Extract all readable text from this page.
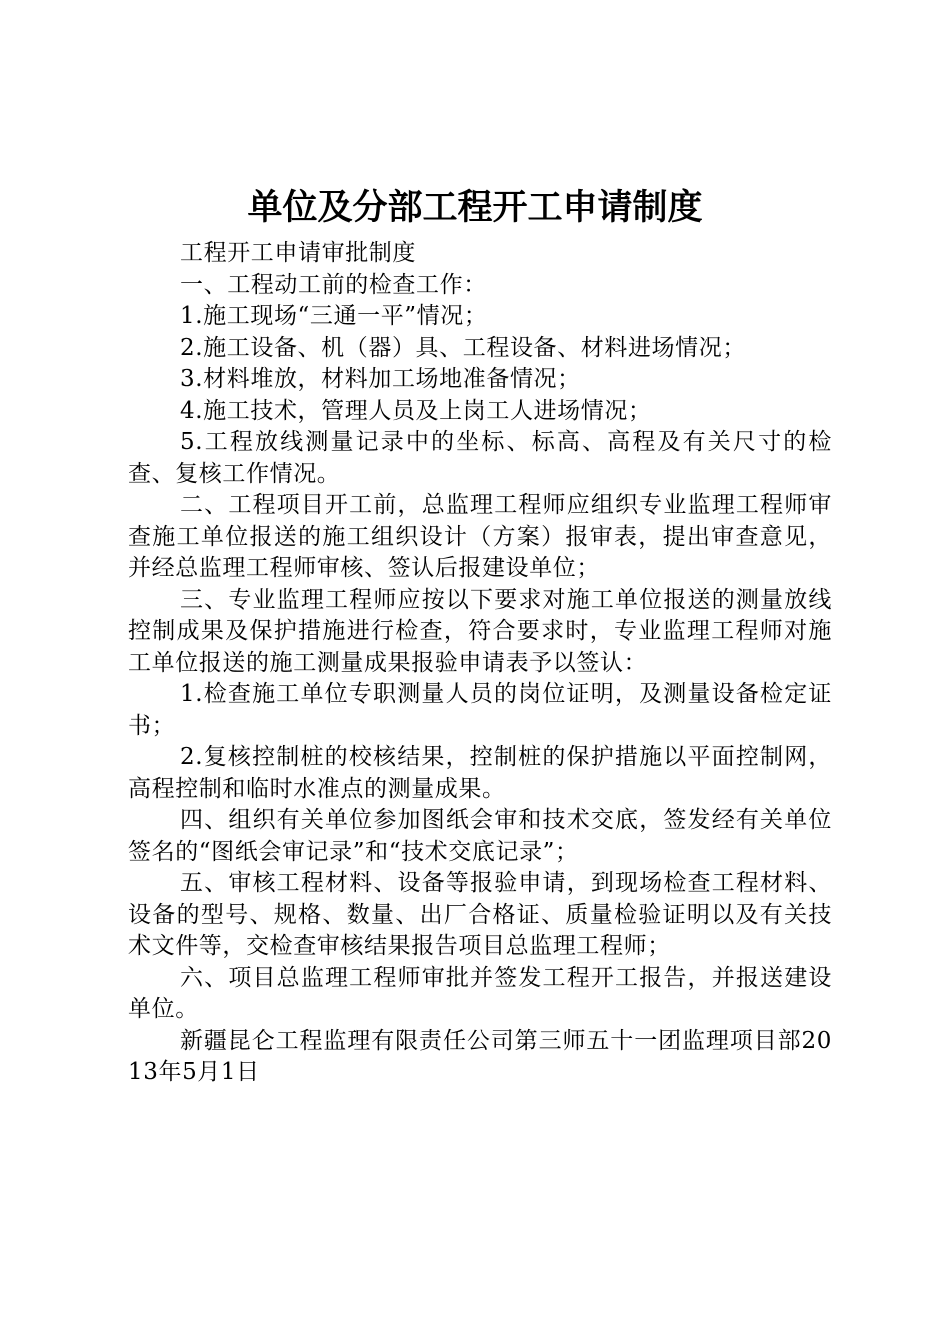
单位及分部工程开工申请制度

工程开工申请审批制度

一、工程动工前的检查工作：

1.施工现场“三通一平”情况；

2.施工设备、机（器）具、工程设备、材料进场情况；

3.材料堆放，材料加工场地准备情况；

4.施工技术，管理人员及上岗工人进场情况；

5.工程放线测量记录中的坐标、标高、高程及有关尺寸的检查、复核工作情况。

二、工程项目开工前，总监理工程师应组织专业监理工程师审查施工单位报送的施工组织设计（方案）报审表，提出审查意见，并经总监理工程师审核、签认后报建设单位；

三、专业监理工程师应按以下要求对施工单位报送的测量放线控制成果及保护措施进行检查，符合要求时，专业监理工程师对施工单位报送的施工测量成果报验申请表予以签认：

1.检查施工单位专职测量人员的岗位证明，及测量设备检定证书；

2.复核控制桩的校核结果，控制桩的保护措施以平面控制网，高程控制和临时水准点的测量成果。

四、组织有关单位参加图纸会审和技术交底，签发经有关单位签名的“图纸会审记录”和“技术交底记录”；

五、审核工程材料、设备等报验申请，到现场检查工程材料、设备的型号、规格、数量、出厂合格证、质量检验证明以及有关技术文件等，交检查审核结果报告项目总监理工程师；

六、项目总监理工程师审批并签发工程开工报告，并报送建设单位。

新疆昆仑工程监理有限责任公司第三师五十一团监理项目部2013年5月1日
